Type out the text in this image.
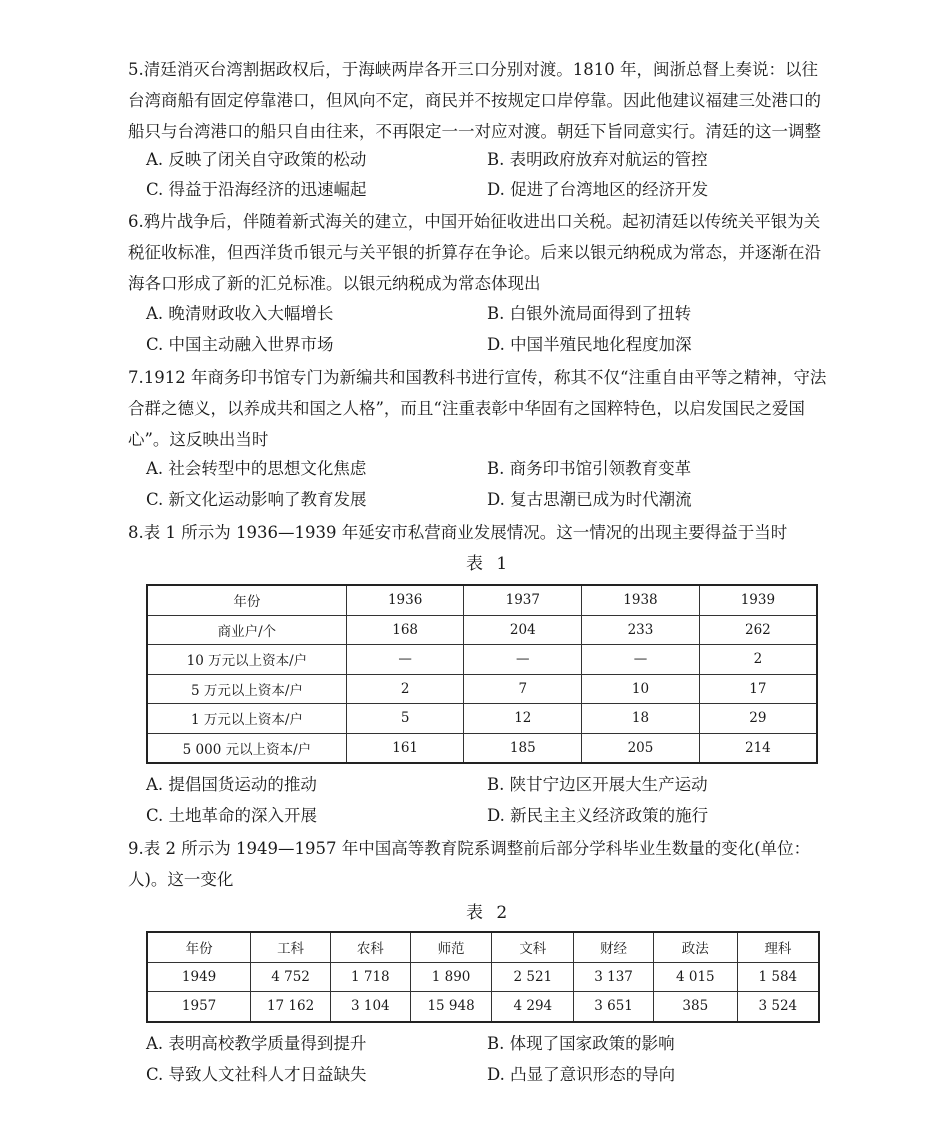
5.清廷消灭台湾割据政权后，于海峡两岸各开三口分别对渡。1810 年，闽浙总督上奏说：以往台湾商船有固定停靠港口，但风向不定，商民并不按规定口岸停靠。因此他建议福建三处港口的船只与台湾港口的船只自由往来，不再限定一一对应对渡。朝廷下旨同意实行。清廷的这一调整
A. 反映了闭关自守政策的松动	B. 表明政府放弃对航运的管控
C. 得益于沿海经济的迅速崛起	D. 促进了台湾地区的经济开发
6.鸦片战争后，伴随着新式海关的建立，中国开始征收进出口关税。起初清廷以传统关平银为关税征收标准，但西洋货币银元与关平银的折算存在争论。后来以银元纳税成为常态，并逐渐在沿海各口形成了新的汇兑标准。以银元纳税成为常态体现出
A. 晚清财政收入大幅增长	B. 白银外流局面得到了扭转
C. 中国主动融入世界市场	D. 中国半殖民地化程度加深
7.1912 年商务印书馆专门为新编共和国教科书进行宣传，称其不仅“注重自由平等之精神，守法合群之德义，以养成共和国之人格”，而且“注重表彰中华固有之国粹特色，以启发国民之爱国心”。这反映出当时
A. 社会转型中的思想文化焦虑	B. 商务印书馆引领教育变革
C. 新文化运动影响了教育发展	D. 复古思潮已成为时代潮流
8.表 1 所示为 1936—1939 年延安市私营商业发展情况。这一情况的出现主要得益于当时
表 1
年份	1936	1937	1938	1939
商业户/个	168	204	233	262
10 万元以上资本/户	—	—	—	2
5 万元以上资本/户	2	7	10	17
1 万元以上资本/户	5	12	18	29
5 000 元以上资本/户	161	185	205	214
A. 提倡国货运动的推动	B. 陕甘宁边区开展大生产运动
C. 土地革命的深入开展	D. 新民主主义经济政策的施行
9.表 2 所示为 1949—1957 年中国高等教育院系调整前后部分学科毕业生数量的变化(单位：人)。这一变化
表 2
年份	工科	农科	师范	文科	财经	政法	理科
1949	4 752	1 718	1 890	2 521	3 137	4 015	1 584
1957	17 162	3 104	15 948	4 294	3 651	385	3 524
A. 表明高校教学质量得到提升	B. 体现了国家政策的影响
C. 导致人文社科人才日益缺失	D. 凸显了意识形态的导向
